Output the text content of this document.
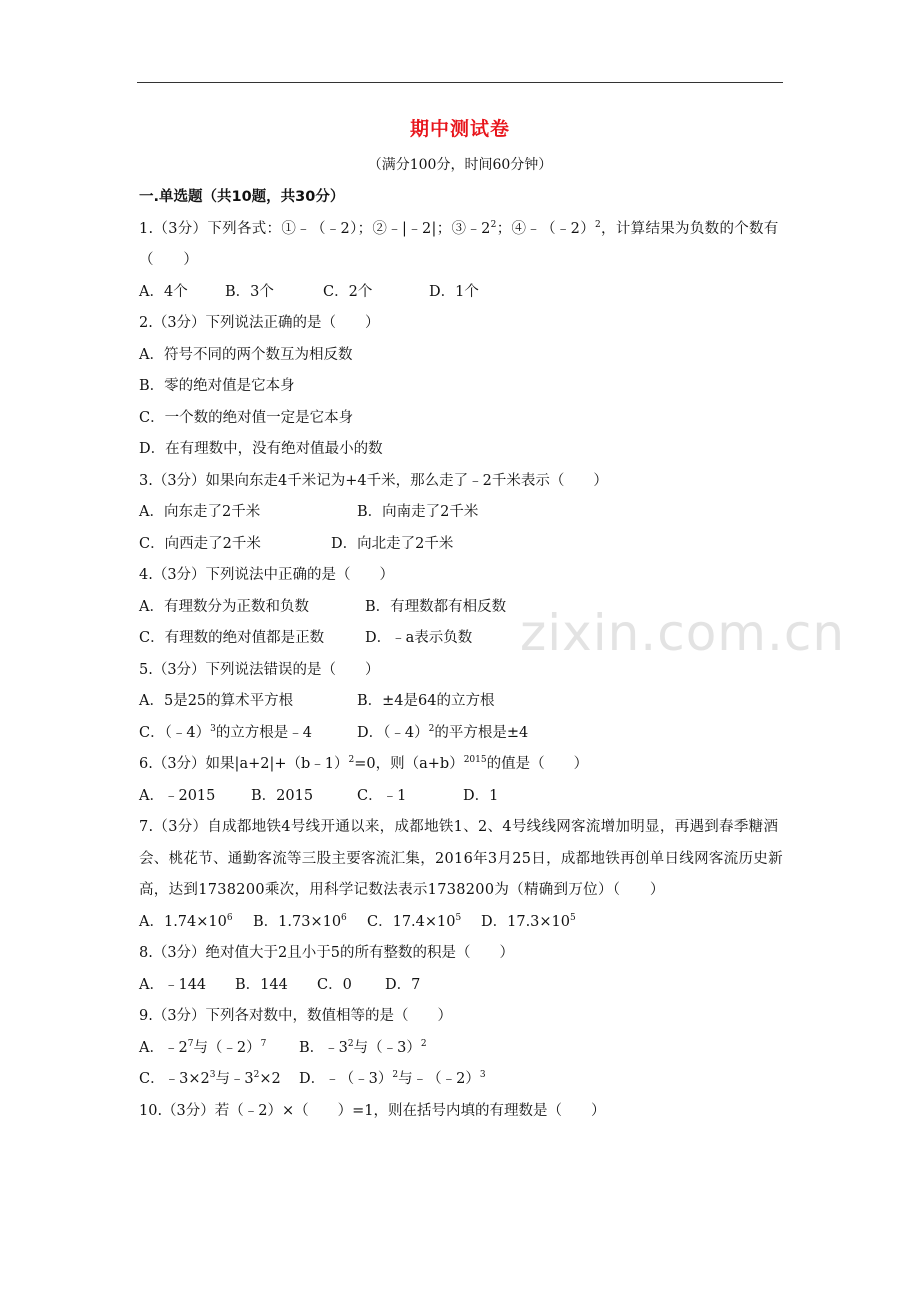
zixin.com.cn
期中测试卷
（满分100分，时间60分钟）
一.单选题（共10题，共30分）
1.（3分）下列各式：①﹣（﹣2）；②﹣|﹣2|；$③﹣2^2$；④﹣（﹣2）$^2$，计算结果为负数的个数有（　　）
A．4个	B．3个	C．2个	D．1个
2.（3分）下列说法正确的是（　　）
A．符号不同的两个数互为相反数
B．零的绝对值是它本身
C．一个数的绝对值一定是它本身
D．在有理数中，没有绝对值最小的数
3.（3分）如果向东走4千米记为+4千米，那么走了﹣2千米表示（　　）
A．向东走了2千米	B．向南走了2千米
C．向西走了2千米	D．向北走了2千米
4.（3分）下列说法中正确的是（　　）
A．有理数分为正数和负数	B．有理数都有相反数
C．有理数的绝对值都是正数	D．﹣a表示负数
5.（3分）下列说法错误的是（　　）
A．5是25的算术平方根	B．±4是64的立方根
C．（﹣4）$^3$的立方根是﹣4	D．（﹣4）$^2$的平方根是±4
6.（3分）如果|a+2|+（b﹣1）$^2$=0，则$(a+b)^{2015}$的值是（　　）
A．﹣2015 B．2015	C．﹣1	D．1
7.（3分）自成都地铁4号线开通以来，成都地铁1、2、4号线线网客流增加明显，再遇到春季糖酒会、桃花节、通勤客流等三股主要客流汇集，2016年3月25日，成都地铁再创单日线网客流历史新高，达到1738200乘次，用科学记数法表示1738200为（精确到万位）（　　）
A．$1.74\times 10^6$ B．$1.73\times 10^6$ C．$17.4\times 10^5$ D．$17.3\times 10^5$
8.（3分）绝对值大于2且小于5的所有整数的积是（　　）
A．﹣144 B．144 C．0 D．7
9.（3分）下列各对数中，数值相等的是（　　）
A．$﹣2^7$与（﹣2）$^7$ B．$﹣3^2$与（﹣3）$^2$
C．$﹣3\times 2^3$与$﹣3^2\times 2$ D．﹣（﹣3）$^2$与﹣（﹣2）$^3$
10.（3分）若（﹣2）×（　　）=1，则在括号内填的有理数是（　　）
